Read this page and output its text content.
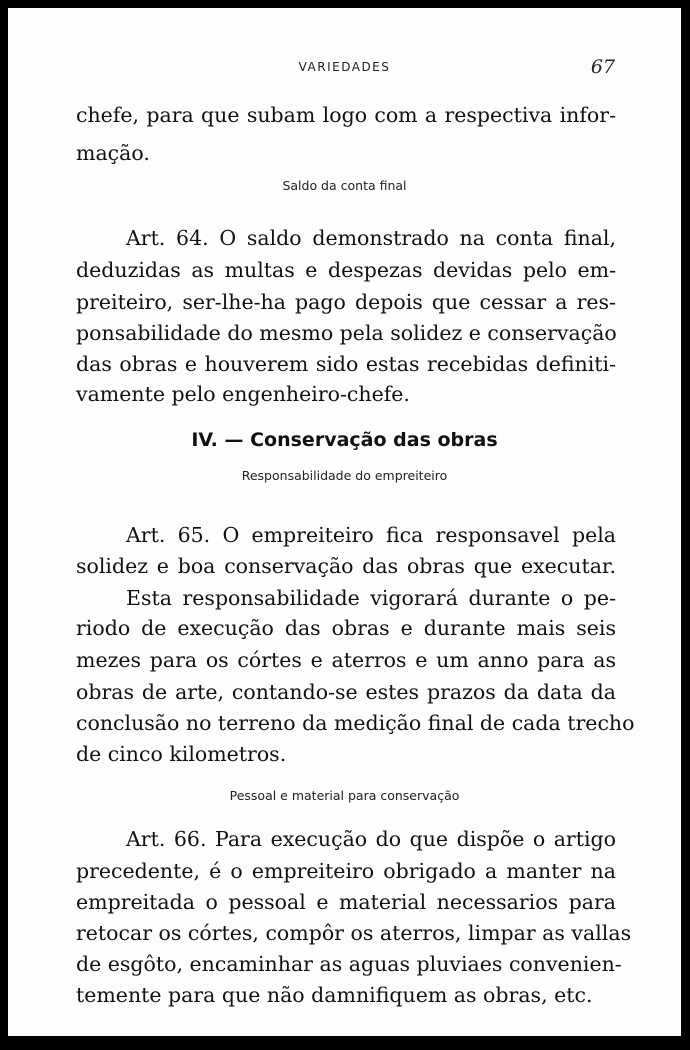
VARIEDADES	67
chefe, para que subam logo com a respectiva infor-
mação.
Saldo da conta final
Art. 64. O saldo demonstrado na conta final,
deduzidas as multas e despezas devidas pelo em-
preiteiro, ser-lhe-ha pago depois que cessar a res-
ponsabilidade do mesmo pela solidez e conservação
das obras e houverem sido estas recebidas definiti-
vamente pelo engenheiro-chefe.
IV. — Conservação das obras
Responsabilidade do empreiteiro
Art. 65. O empreiteiro fica responsavel pela
solidez e boa conservação das obras que executar.
Esta responsabilidade vigorará durante o pe-
riodo de execução das obras e durante mais seis
mezes para os córtes e aterros e um anno para as
obras de arte, contando-se estes prazos da data da
conclusão no terreno da medição final de cada trecho
de cinco kilometros.
Pessoal e material para conservação
Art. 66. Para execução do que dispõe o artigo
precedente, é o empreiteiro obrigado a manter na
empreitada o pessoal e material necessarios para
retocar os córtes, compôr os aterros, limpar as vallas
de esgôto, encaminhar as aguas pluviaes convenien-
temente para que não damnifiquem as obras, etc.
